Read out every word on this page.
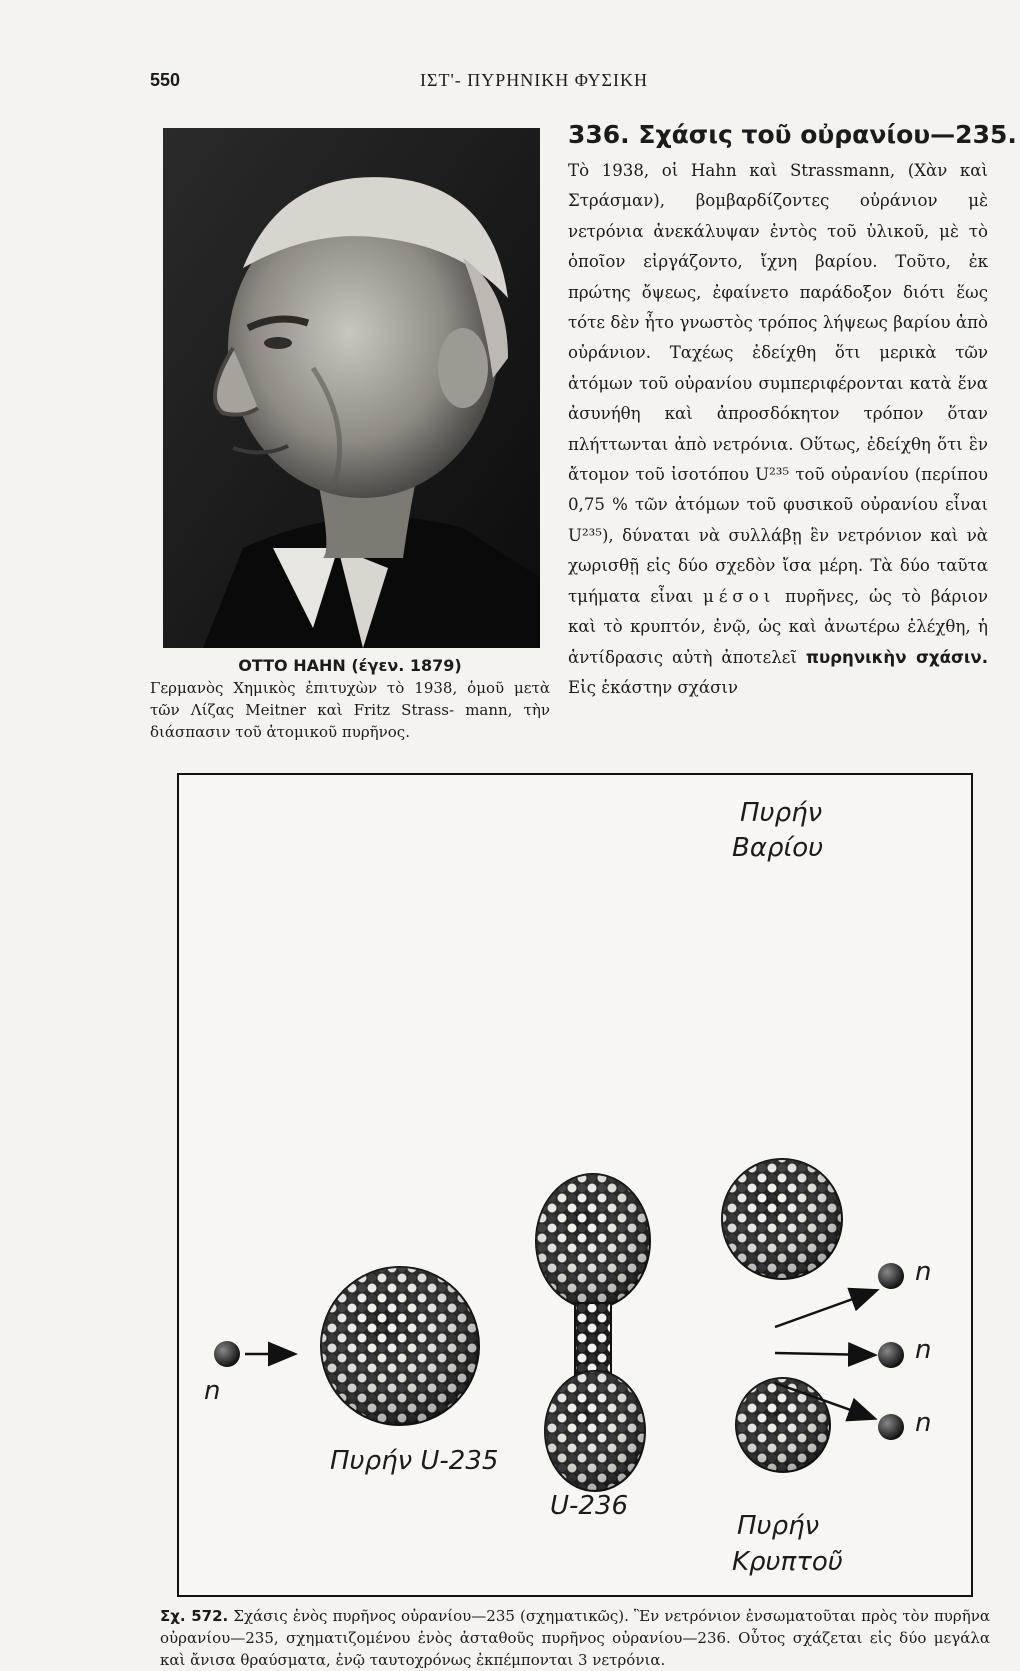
550	ΙΣΤ'- ΠΥΡΗΝΙΚΗ ΦΥΣΙΚΗ
OTTO HAHN (έγεν. 1879)
Γερμανὸς Χημικὸς ἐπιτυχὼν τὸ 1938, ὁμοῦ μετὰ τῶν Λίζας Meitner καὶ Fritz Strass- mann, τὴν διάσπασιν τοῦ ἀτομικοῦ πυρῆνος.
336. Σχάσις τοῦ οὐρανίου—235.

Τὸ 1938, οἱ Hahn καὶ Strassmann, (Χὰν καὶ Στράσμαν), βομβαρδίζοντες οὐράνιον μὲ νετρόνια ἀνεκάλυψαν ἐντὸς τοῦ ὑλικοῦ, μὲ τὸ ὁποῖον εἰργάζοντο, ἴχνη βαρίου. Τοῦτο, ἐκ πρώτης ὄψεως, ἐφαίνετο παράδοξον διότι ἕως τότε δὲν ἦτο γνωστὸς τρόπος λήψεως βαρίου ἀπὸ οὐράνιον. Ταχέως ἐδείχθη ὅτι μερικὰ τῶν ἀτόμων τοῦ οὐρανίου συμπεριφέρονται κατὰ ἕνα ἀσυνήθη καὶ ἀπροσδόκητον τρόπον ὅταν πλήττωνται ἀπὸ νετρόνια. Οὕτως, ἐδείχθη ὅτι ἓν ἄτομον τοῦ ἰσοτόπου U²³⁵ τοῦ οὐρανίου (περίπου 0,75 % τῶν ἀτόμων τοῦ φυσικοῦ οὐρανίου εἶναι U²³⁵), δύναται νὰ συλλάβῃ ἓν νετρόνιον καὶ νὰ χωρισθῇ εἰς δύο σχεδὸν ἴσα μέρη. Τὰ δύο ταῦτα τμήματα εἶναι μέσοι πυρῆνες, ὡς τὸ βάριον καὶ τὸ κρυπτόν, ἐνῷ, ὡς καὶ ἀνωτέρω ἐλέχθη, ἡ ἀντίδρασις αὐτὴ ἀποτελεῖ πυρηνικὴν σχάσιν. Εἰς ἑκάστην σχάσιν

n
Πυρήν U-235
U-236
Πυρήν
Βαρίου
Πυρήν
Κρυπτοῦ
n
n
n
Σχ. 572. Σχάσις ἑνὸς πυρῆνος οὐρανίου—235 (σχηματικῶς). Ἓν νετρόνιον ἐνσωματοῦται πρὸς τὸν πυρῆνα οὐρανίου—235, σχηματιζομένου ἑνὸς ἀσταθοῦς πυρῆνος οὐρανίου—236. Οὗτος σχάζεται εἰς δύο μεγάλα καὶ ἄνισα θραύσματα, ἐνῷ ταυτοχρόνως ἐκπέμπονται 3 νετρόνια.
